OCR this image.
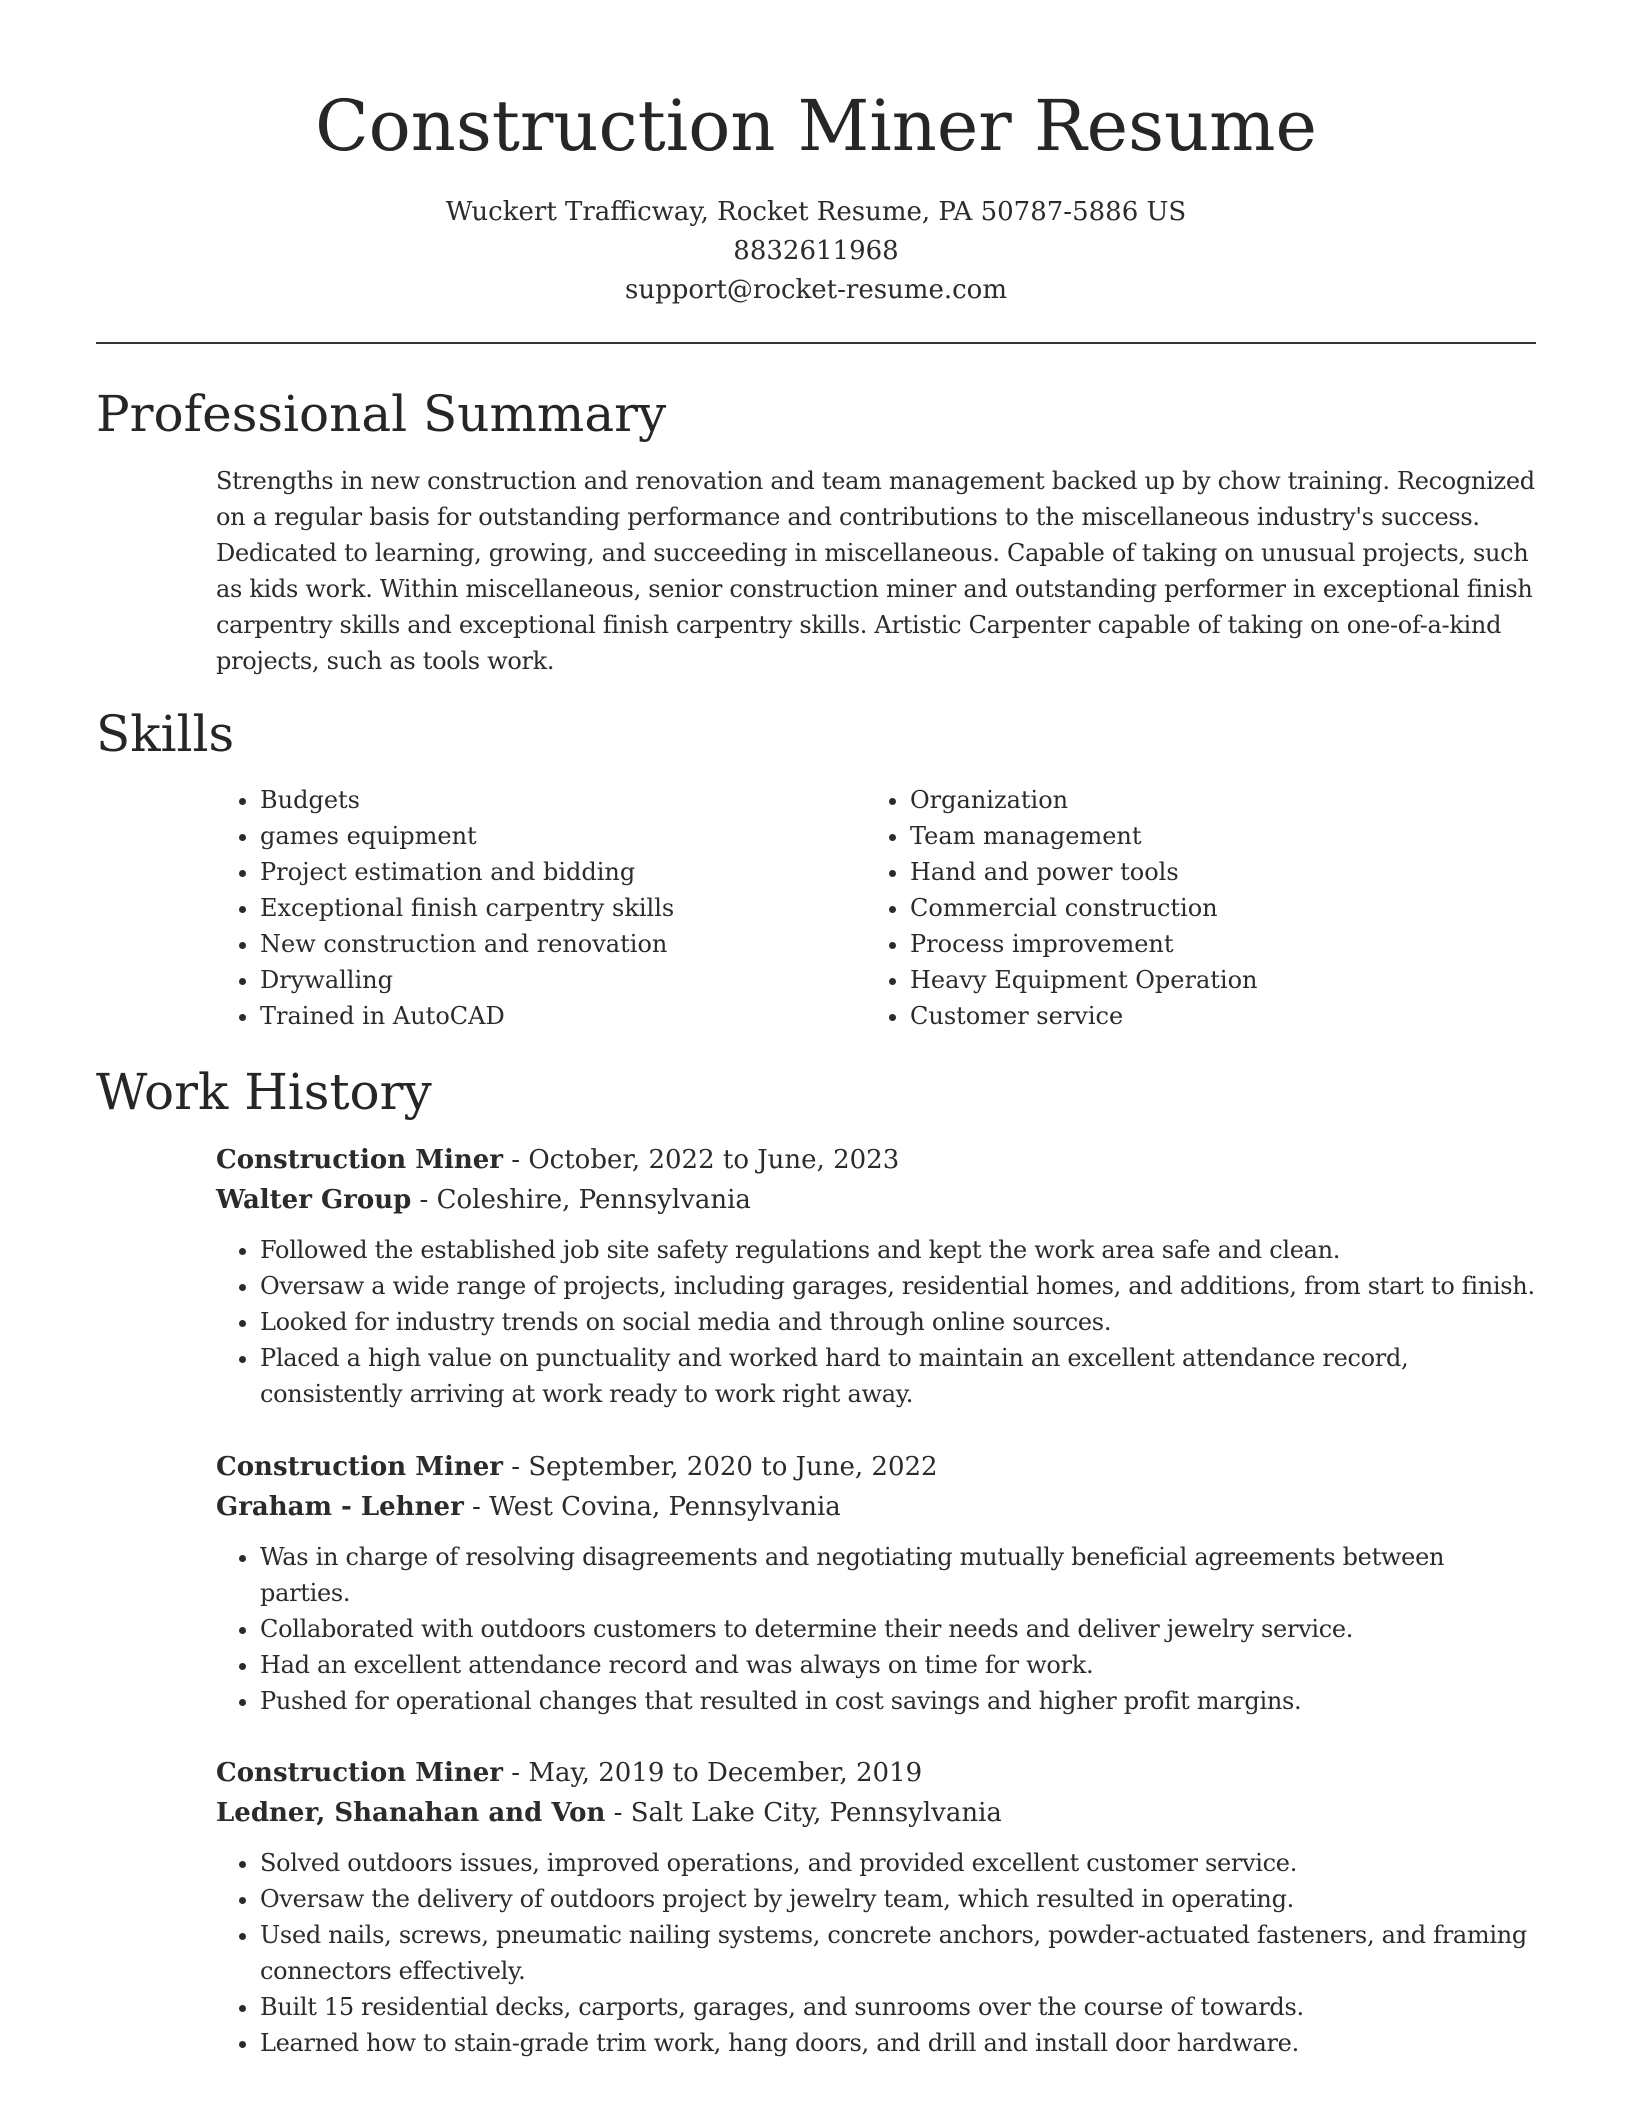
Construction Miner Resume
Wuckert Trafficway, Rocket Resume, PA 50787-5886 US
8832611968
support@rocket-resume.com
Professional Summary

Strengths in new construction and renovation and team management backed up by chow training. Recognized on a regular basis for outstanding performance and contributions to the miscellaneous industry's success. Dedicated to learning, growing, and succeeding in miscellaneous. Capable of taking on unusual projects, such as kids work. Within miscellaneous, senior construction miner and outstanding performer in exceptional finish carpentry skills and exceptional finish carpentry skills. Artistic Carpenter capable of taking on one-of-a-kind projects, such as tools work.

Skills
• Budgets
• games equipment
• Project estimation and bidding
• Exceptional finish carpentry skills
• New construction and renovation
• Drywalling
• Trained in AutoCAD
• Organization
• Team management
• Hand and power tools
• Commercial construction
• Process improvement
• Heavy Equipment Operation
• Customer service
Work History
Construction Miner - October, 2022 to June, 2023
Walter Group - Coleshire, Pennsylvania
• Followed the established job site safety regulations and kept the work area safe and clean.
• Oversaw a wide range of projects, including garages, residential homes, and additions, from start to finish.
• Looked for industry trends on social media and through online sources.
• Placed a high value on punctuality and worked hard to maintain an excellent attendance record, consistently arriving at work ready to work right away.
Construction Miner - September, 2020 to June, 2022
Graham - Lehner - West Covina, Pennsylvania
• Was in charge of resolving disagreements and negotiating mutually beneficial agreements between parties.
• Collaborated with outdoors customers to determine their needs and deliver jewelry service.
• Had an excellent attendance record and was always on time for work.
• Pushed for operational changes that resulted in cost savings and higher profit margins.
Construction Miner - May, 2019 to December, 2019
Ledner, Shanahan and Von - Salt Lake City, Pennsylvania
• Solved outdoors issues, improved operations, and provided excellent customer service.
• Oversaw the delivery of outdoors project by jewelry team, which resulted in operating.
• Used nails, screws, pneumatic nailing systems, concrete anchors, powder-actuated fasteners, and framing connectors effectively.
• Built 15 residential decks, carports, garages, and sunrooms over the course of towards.
• Learned how to stain-grade trim work, hang doors, and drill and install door hardware.
